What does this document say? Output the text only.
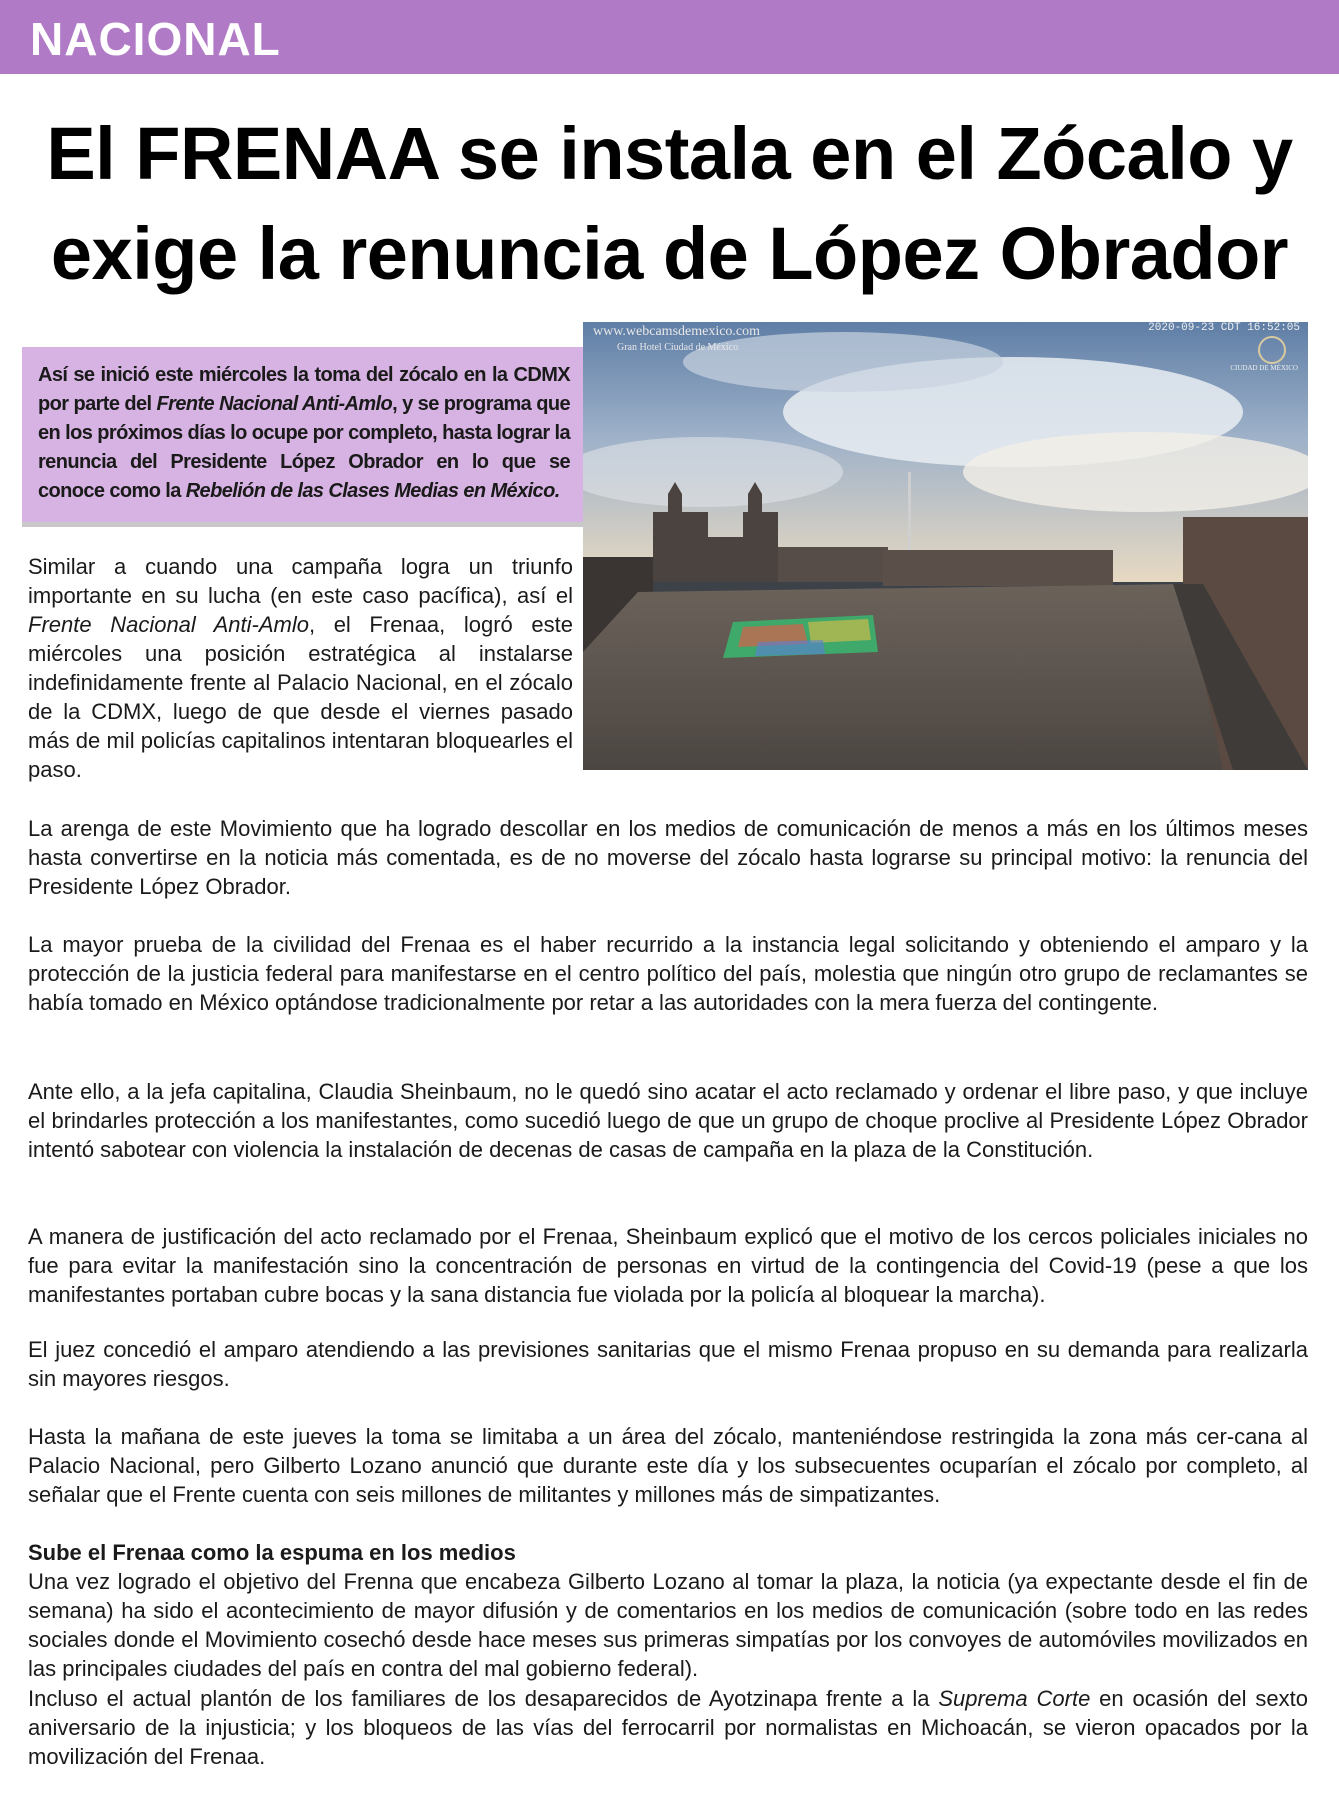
NACIONAL
El FRENAA se instala en el Zócalo y
exige la renuncia de López Obrador
www.webcamsdemexico.com
Gran Hotel Ciudad de México
2020-09-23 CDT 16:52:05
CIUDAD DE MÉXICO
Así se inició este miércoles la toma del zócalo en la CDMX por parte del Frente Nacional Anti-Amlo, y se programa que en los próximos días lo ocupe por completo, hasta lograr la renuncia del Presidente López Obrador en lo que se conoce como la Rebelión de las Clases Medias en México.

Similar a cuando una campaña logra un triunfo importante en su lucha (en este caso pacífica), así el Frente Nacional Anti-Amlo, el Frenaa, logró este miércoles una posición estratégica al instalarse indefinidamente frente al Palacio Nacional, en el zócalo de la CDMX, luego de que desde el viernes pasado más de mil policías capitalinos intentaran bloquearles el paso.

La arenga de este Movimiento que ha logrado descollar en los medios de comunicación de menos a más en los últimos meses hasta convertirse en la noticia más comentada, es de no moverse del zócalo hasta lograrse su principal motivo: la renuncia del Presidente López Obrador.

La mayor prueba de la civilidad del Frenaa es el haber recurrido a la instancia legal solicitando y obteniendo el amparo y la protección de la justicia federal para manifestarse en el centro político del país, molestia que ningún otro grupo de reclamantes se había tomado en México optándose tradicionalmente por retar a las autoridades con la mera fuerza del contingente.

Ante ello, a la jefa capitalina, Claudia Sheinbaum, no le quedó sino acatar el acto reclamado y ordenar el libre paso, y que incluye el brindarles protección a los manifestantes, como sucedió luego de que un grupo de choque proclive al Presidente López Obrador intentó sabotear con violencia la instalación de decenas de casas de campaña en la plaza de la Constitución.

A manera de justificación del acto reclamado por el Frenaa, Sheinbaum explicó que el motivo de los cercos policiales iniciales no fue para evitar la manifestación sino la concentración de personas en virtud de la contingencia del Covid-19 (pese a que los manifestantes portaban cubre bocas y la sana distancia fue violada por la policía al bloquear la marcha).

El juez concedió el amparo atendiendo a las previsiones sanitarias que el mismo Frenaa propuso en su demanda para realizarla sin mayores riesgos.

Hasta la mañana de este jueves la toma se limitaba a un área del zócalo, manteniéndose restringida la zona más cer-cana al Palacio Nacional, pero Gilberto Lozano anunció que durante este día y los subsecuentes ocuparían el zócalo por completo, al señalar que el Frente cuenta con seis millones de militantes y millones más de simpatizantes.

Sube el Frenaa como la espuma en los medios

Una vez logrado el objetivo del Frenna que encabeza Gilberto Lozano al tomar la plaza, la noticia (ya expectante desde el fin de semana) ha sido el acontecimiento de mayor difusión y de comentarios en los medios de comunicación (sobre todo en las redes sociales donde el Movimiento cosechó desde hace meses sus primeras simpatías por los convoyes de automóviles movilizados en las principales ciudades del país en contra del mal gobierno federal).

Incluso el actual plantón de los familiares de los desaparecidos de Ayotzinapa frente a la Suprema Corte en ocasión del sexto aniversario de la injusticia; y los bloqueos de las vías del ferrocarril por normalistas en Michoacán, se vieron opacados por la movilización del Frenaa.
